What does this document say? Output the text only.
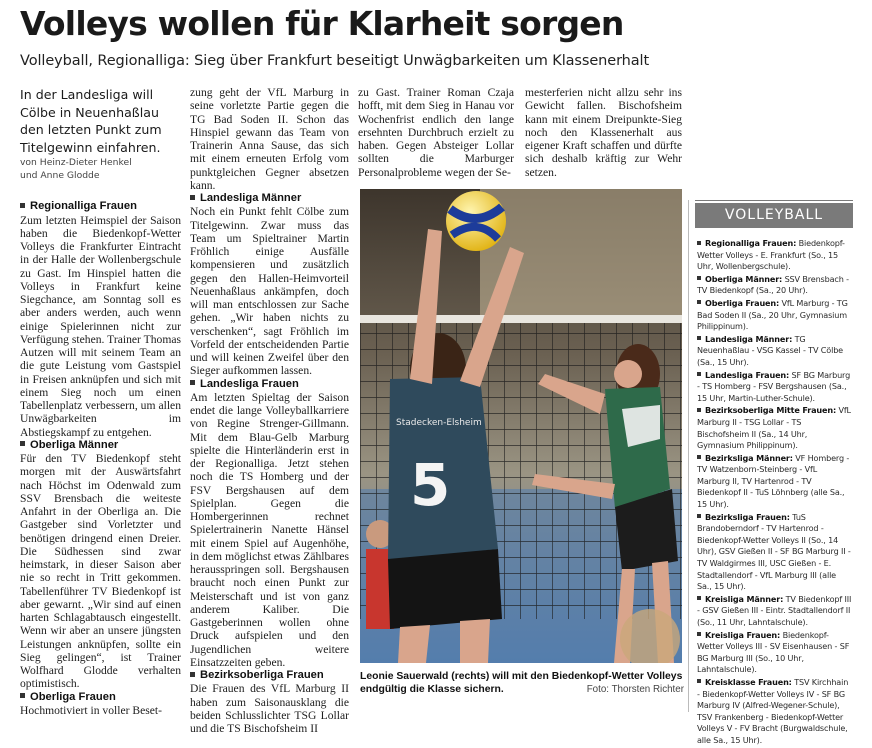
Volleys wollen für Klarheit sorgen
Volleyball, Regionalliga: Sieg über Frankfurt beseitigt Unwägbarkeiten um Klassenerhalt

In der Landesliga will Cölbe in Neuenhaßlau den letzten Punkt zum Titelgewinn einfahren.

von Heinz-Dieter Henkel
und Anne Glodde
Regionalliga Frauen

Zum letzten Heimspiel der Saison haben die Biedenkopf-Wetter Volleys die Frankfurter Eintracht in der Halle der Wollenbergschule zu Gast. Im Hinspiel hatten die Volleys in Frankfurt keine Siegchance, am Sonntag soll es aber anders werden, auch wenn einige Spielerinnen nicht zur Verfügung stehen. Trainer Thomas Autzen will mit seinem Team an die gute Leistung vom Gastspiel in Freisen anknüpfen und sich mit einem Sieg noch um einen Tabellenplatz verbessern, um allen Unwägbarkeiten im Abstiegskampf zu entgehen.

Oberliga Männer

Für den TV Biedenkopf steht morgen mit der Auswärtsfahrt nach Höchst im Odenwald zum SSV Brensbach die weiteste Anfahrt in der Oberliga an. Die Gastgeber sind Vorletzter und benötigen dringend einen Dreier. Die Südhessen sind zwar heimstark, in dieser Saison aber nie so recht in Tritt gekommen. Tabellenführer TV Biedenkopf ist aber gewarnt. „Wir sind auf einen harten Schlagabtausch eingestellt. Wenn wir aber an unsere jüngsten Leistungen anknüpfen, sollte ein Sieg gelingen“, ist Trainer Wolfhard Glodde verhalten optimistisch.

Oberliga Frauen

Hochmotiviert in voller Beset-

zung geht der VfL Marburg in seine vorletzte Partie gegen die TG Bad Soden II. Schon das Hinspiel gewann das Team von Trainerin Anna Sause, das sich mit einem erneuten Erfolg vom punktgleichen Gegner absetzen kann.

Landesliga Männer

Noch ein Punkt fehlt Cölbe zum Titelgewinn. Zwar muss das Team um Spieltrainer Martin Fröhlich einige Ausfälle kompensieren und zusätzlich gegen den Hallen-Heimvorteil Neuenhaßlaus ankämpfen, doch will man entschlossen zur Sache gehen. „Wir haben nichts zu verschenken“, sagt Fröhlich im Vorfeld der entscheidenden Partie und will keinen Zweifel über den Sieger aufkommen lassen.

Landesliga Frauen

Am letzten Spieltag der Saison endet die lange Volleyballkarriere von Regine Strenger-Gillmann. Mit dem Blau-Gelb Marburg spielte die Hinterländerin erst in der Regionalliga. Jetzt stehen noch die TS Homberg und der FSV Bergshausen auf dem Spielplan. Gegen die Hombergerinnen rechnet Spielertrainerin Nanette Hänsel mit einem Spiel auf Augenhöhe, in dem möglichst etwas Zählbares herausspringen soll. Bergshausen braucht noch einen Punkt zur Meisterschaft und ist von ganz anderem Kaliber. Die Gastgeberinnen wollen ohne Druck aufspielen und den Jugendlichen weitere Einsatzzeiten geben.

Bezirksoberliga Frauen

Die Frauen des VfL Marburg II haben zum Saisonausklang die beiden Schlusslichter TSG Lollar und die TS Bischofsheim II

zu Gast. Trainer Roman Czaja hofft, mit dem Sieg in Hanau vor Wochenfrist endlich den lange ersehnten Durchbruch erzielt zu haben. Gegen Absteiger Lollar sollten die Marburger Personalprobleme wegen der Se-

mesterferien nicht allzu sehr ins Gewicht fallen. Bischofsheim kann mit einem Dreipunkte-Sieg noch den Klassenerhalt aus eigener Kraft schaffen und dürfte sich deshalb kräftig zur Wehr setzen.

Stadecken-Elsheim
5
Leonie Sauerwald (rechts) will mit den Biedenkopf-Wetter Volleys endgültig die Klasse sichern.	Foto: Thorsten Richter
VOLLEYBALL
Regionalliga Frauen: Biedenkopf-Wetter Volleys - E. Frankfurt (So., 15 Uhr, Wollenbergschule).
Oberliga Männer: SSV Brensbach - TV Biedenkopf (Sa., 20 Uhr).
Oberliga Frauen: VfL Marburg - TG Bad Soden II (Sa., 20 Uhr, Gymnasium Philippinum).
Landesliga Männer: TG Neuenhaßlau - VSG Kassel - TV Cölbe (Sa., 15 Uhr).
Landesliga Frauen: SF BG Marburg - TS Homberg - FSV Bergshausen (Sa., 15 Uhr, Martin-Luther-Schule).
Bezirksoberliga Mitte Frauen: VfL Marburg II - TSG Lollar - TS Bischofsheim II (Sa., 14 Uhr, Gymnasium Philippinum).
Bezirksliga Männer: VF Homberg - TV Watzenborn-Steinberg - VfL Marburg II, TV Hartenrod - TV Biedenkopf II - TuS Löhnberg (alle Sa., 15 Uhr).
Bezirksliga Frauen: TuS Brandoberndorf - TV Hartenrod - Biedenkopf-Wetter Volleys II (So., 14 Uhr), GSV Gießen II - SF BG Marburg II - TV Waldgirmes III, USC Gießen - E. Stadtallendorf - VfL Marburg III (alle Sa., 15 Uhr).
Kreisliga Männer: TV Biedenkopf III - GSV Gießen III - Eintr. Stadtallendorf II (So., 11 Uhr, Lahntalschule).
Kreisliga Frauen: Biedenkopf-Wetter Volleys III - SV Eisenhausen - SF BG Marburg III (So., 10 Uhr, Lahntalschule).
Kreisklasse Frauen: TSV Kirchhain - Biedenkopf-Wetter Volleys IV - SF BG Marburg IV (Alfred-Wegener-Schule), TSV Frankenberg - Biedenkopf-Wetter Volleys V - FV Bracht (Burgwaldschule, alle Sa., 15 Uhr).
